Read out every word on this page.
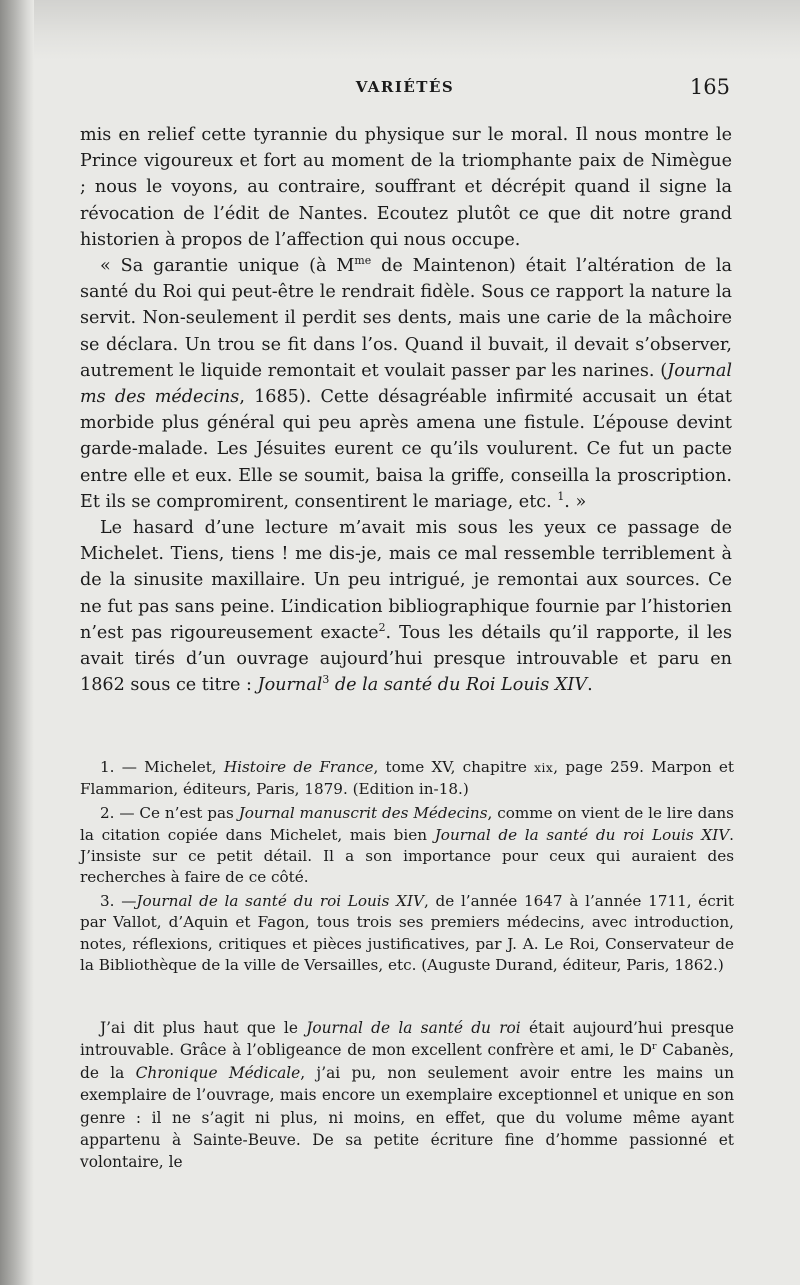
VARIÉTÉS	165

mis en relief cette tyrannie du physique sur le moral. Il nous montre le Prince vigoureux et fort au moment de la triomphante paix de Nimègue ; nous le voyons, au contraire, souffrant et décrépit quand il signe la révocation de l’édit de Nantes. Ecoutez plutôt ce que dit notre grand historien à propos de l’affection qui nous occupe.

« Sa garantie unique (à $M^{me}$ de Maintenon) était l’altération de la santé du Roi qui peut-être le rendrait fidèle. Sous ce rapport la nature la servit. Non-seulement il perdit ses dents, mais une carie de la mâchoire se déclara. Un trou se fit dans l’os. Quand il buvait, il devait s’observer, autrement le liquide remontait et voulait passer par les narines. (Journal ms des médecins, 1685). Cette désagréable infirmité accusait un état morbide plus général qui peu après amena une fistule. L’épouse devint garde-malade. Les Jésuites eurent ce qu’ils voulurent. Ce fut un pacte entre elle et eux. Elle se soumit, baisa la griffe, conseilla la proscription. Et ils se compromirent, consentirent le mariage, etc. $^1$. »

Le hasard d’une lecture m’avait mis sous les yeux ce passage de Michelet. Tiens, tiens ! me dis-je, mais ce mal ressemble terriblement à de la sinusite maxillaire. Un peu intrigué, je remontai aux sources. Ce ne fut pas sans peine. L’indication bibliographique fournie par l’historien n’est pas rigoureusement exacte$^2$. Tous les détails qu’il rapporte, il les avait tirés d’un ouvrage aujourd’hui presque introuvable et paru en 1862 sous ce titre : Journal$^3$ de la santé du Roi Louis XIV.

1. — Michelet, Histoire de France, tome XV, chapitre xix, page 259. Marpon et Flammarion, éditeurs, Paris, 1879. (Edition in-18.)

2. — Ce n’est pas Journal manuscrit des Médecins, comme on vient de le lire dans la citation copiée dans Michelet, mais bien Journal de la santé du roi Louis XIV. J’insiste sur ce petit détail. Il a son importance pour ceux qui auraient des recherches à faire de ce côté.

3. —Journal de la santé du roi Louis XIV, de l’année 1647 à l’année 1711, écrit par Vallot, d’Aquin et Fagon, tous trois ses premiers médecins, avec introduction, notes, réflexions, critiques et pièces justificatives, par J. A. Le Roi, Conservateur de la Bibliothèque de la ville de Versailles, etc. (Auguste Durand, éditeur, Paris, 1862.)

J’ai dit plus haut que le Journal de la santé du roi était aujourd’hui presque introuvable. Grâce à l’obligeance de mon excellent confrère et ami, le $D^r$ Cabanès, de la Chronique Médicale, j’ai pu, non seulement avoir entre les mains un exemplaire de l’ouvrage, mais encore un exemplaire exceptionnel et unique en son genre : il ne s’agit ni plus, ni moins, en effet, que du volume même ayant appartenu à Sainte-Beuve. De sa petite écriture fine d’homme passionné et volontaire, le
